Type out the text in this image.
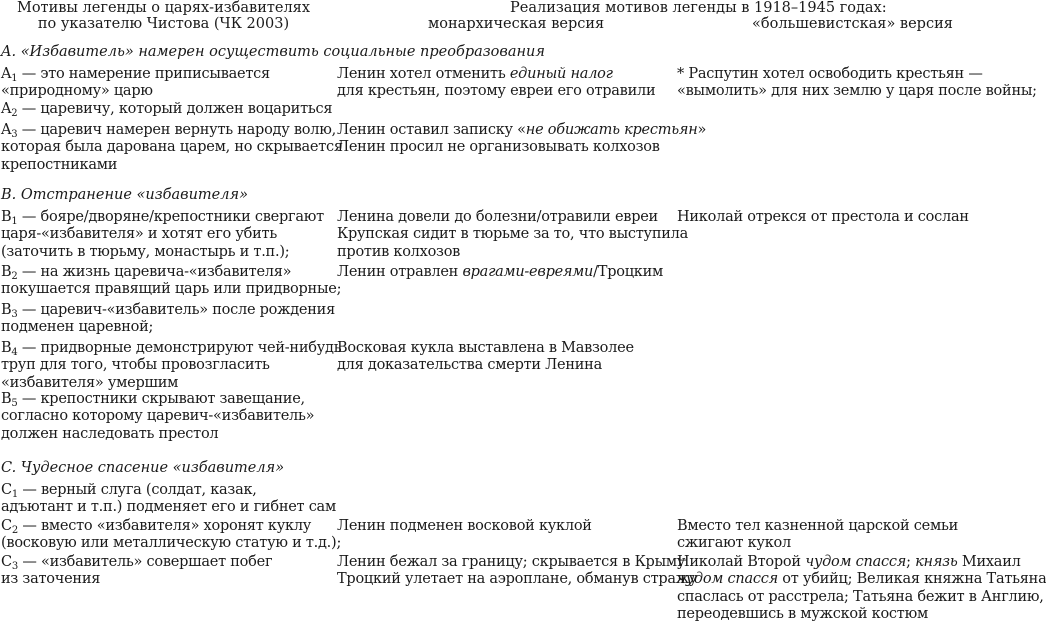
Мотивы легенды о царях-избавителях
по указателю Чистова (ЧК 2003)
Реализация мотивов легенды в 1918–1945 годах:
монархическая версия	«большевистская» версия
A. «Избавитель» намерен осуществить социальные преобразования
$A_1$ — это намерение приписывается
«природному» царю
Ленин хотел отменить единый налог
для крестьян, поэтому евреи его отравили
* Распутин хотел освободить крестьян —
«вымолить» для них землю у царя после войны;
$A_2$ — царевичу, который должен воцариться
$A_3$ — царевич намерен вернуть народу волю,
которая была дарована царем, но скрывается
крепостниками
Ленин оставил записку «не обижать крестьян»
Ленин просил не организовывать колхозов
B. Отстранение «избавителя»
$B_1$ — бояре/дворяне/крепостники свергают
царя-«избавителя» и хотят его убить
(заточить в тюрьму, монастырь и т.п.);
Ленина довели до болезни/отравили евреи
Крупская сидит в тюрьме за то, что выступила
против колхозов
Николай отрекся от престола и сослан
$B_2$ — на жизнь царевича-«избавителя»
покушается правящий царь или придворные;
Ленин отравлен врагами-евреями/Троцким
$B_3$ — царевич-«избавитель» после рождения
подменен царевной;
$B_4$ — придворные демонстрируют чей-нибудь
труп для того, чтобы провозгласить
«избавителя» умершим
Восковая кукла выставлена в Мавзолее
для доказательства смерти Ленина
$B_5$ — крепостники скрывают завещание,
согласно которому царевич-«избавитель»
должен наследовать престол
C. Чудесное спасение «избавителя»
$C_1$ — верный слуга (солдат, казак,
адъютант и т.п.) подменяет его и гибнет сам
$C_2$ — вместо «избавителя» хоронят куклу
(восковую или металлическую статую и т.д.);
Ленин подменен восковой куклой	Вместо тел казненной царской семьи
сжигают кукол
$C_3$ — «избавитель» совершает побег
из заточения
Ленин бежал за границу; скрывается в Крыму
Троцкий улетает на аэроплане, обманув стражу
Николай Второй чудом спасся; князь Михаил
чудом спасся от убийц; Великая княжна Татьяна
спаслась от расстрела; Татьяна бежит в Англию,
переодевшись в мужской костюм
